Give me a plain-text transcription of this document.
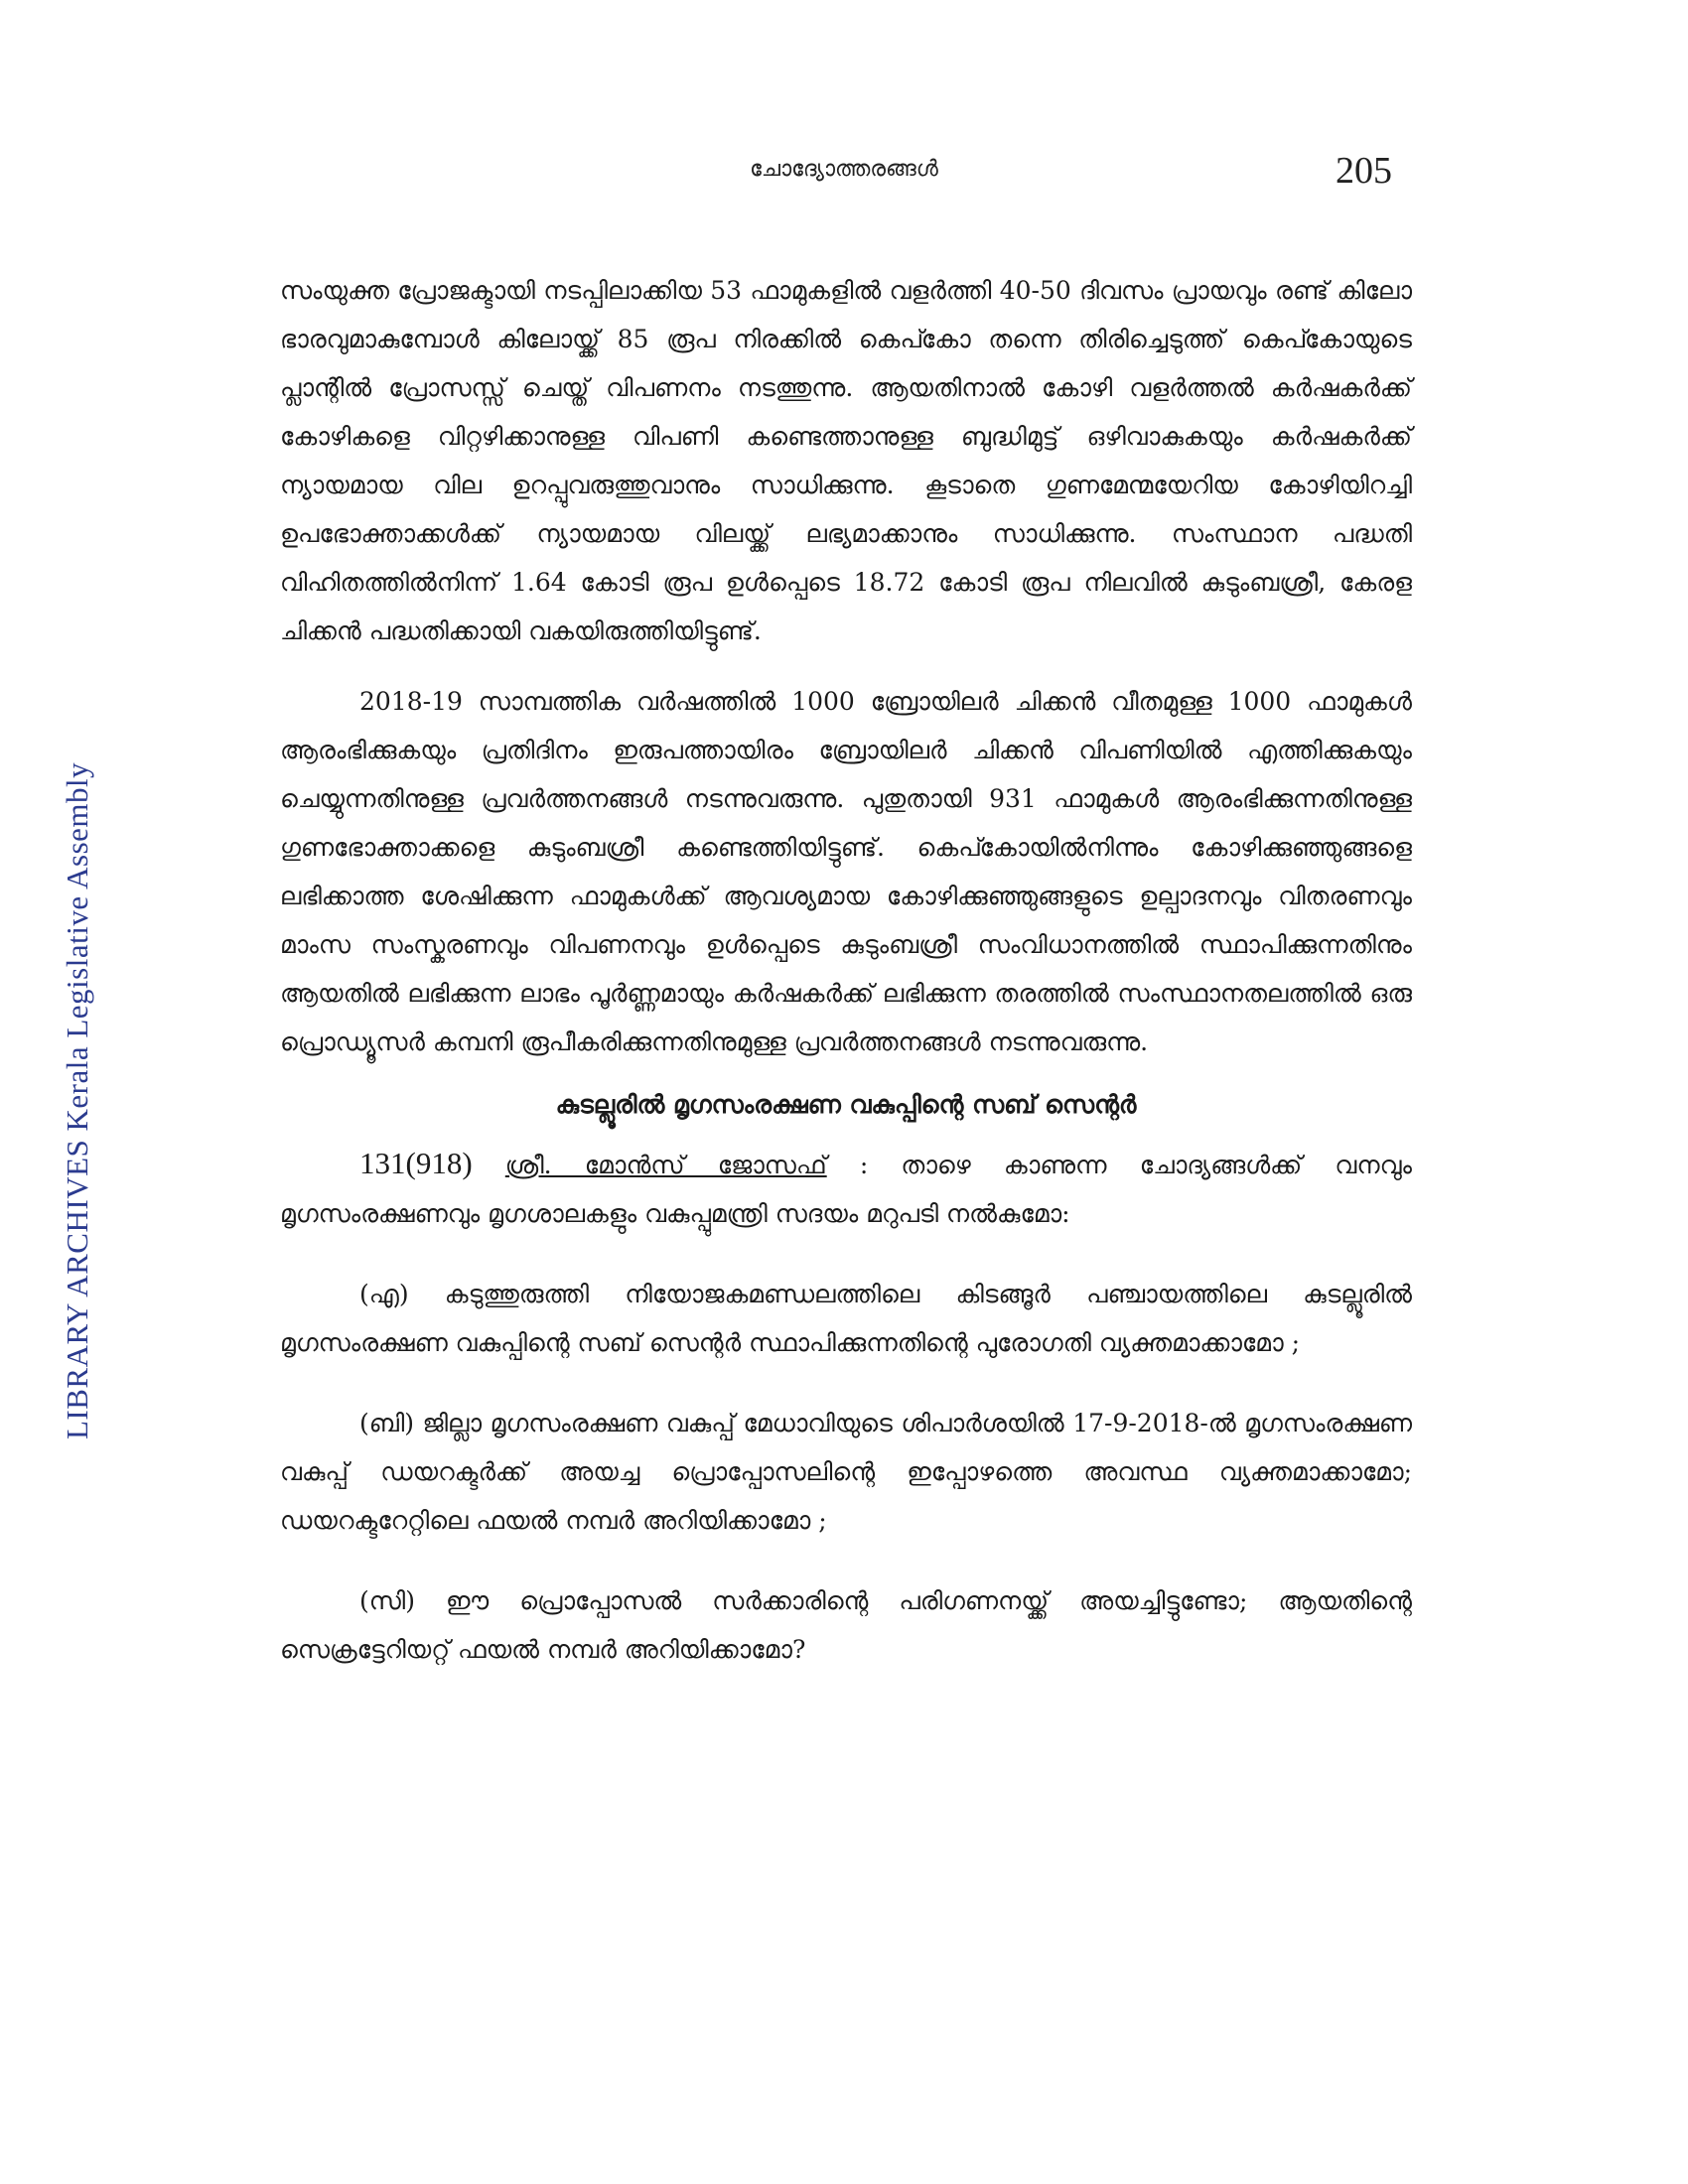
LIBRARY ARCHIVES Kerala Legislative Assembly
ചോദ്യോത്തരങ്ങൾ	205

സംയുക്ത പ്രോജക്ടായി നടപ്പിലാക്കിയ 53 ഫാമുകളിൽ വളർത്തി 40-50 ദിവസം പ്രായവും രണ്ട് കിലോ ഭാരവുമാകുമ്പോൾ കിലോയ്ക്ക് 85 രൂപ നിരക്കിൽ കെപ്കോ തന്നെ തിരിച്ചെടുത്ത് കെപ്കോയുടെ പ്ലാന്റിൽ പ്രോസസ്സ് ചെയ്ത് വിപണനം നടത്തുന്നു. ആയതിനാൽ കോഴി വളർത്തൽ കർഷകർക്ക് കോഴികളെ വിറ്റഴിക്കാനുള്ള വിപണി കണ്ടെത്താനുള്ള ബുദ്ധിമുട്ട് ഒഴിവാകുകയും കർഷകർക്ക് ന്യായമായ വില ഉറപ്പുവരുത്തുവാനും സാധിക്കുന്നു. കൂടാതെ ഗുണമേന്മയേറിയ കോഴിയിറച്ചി ഉപഭോക്താക്കൾക്ക് ന്യായമായ വിലയ്ക്ക് ലഭ്യമാക്കാനും സാധിക്കുന്നു. സംസ്ഥാന പദ്ധതി വിഹിതത്തിൽനിന്ന് 1.64 കോടി രൂപ ഉൾപ്പെടെ 18.72 കോടി രൂപ നിലവിൽ കുടുംബശ്രീ, കേരള ചിക്കൻ പദ്ധതിക്കായി വകയിരുത്തിയിട്ടുണ്ട്.

2018-19 സാമ്പത്തിക വർഷത്തിൽ 1000 ബ്രോയിലർ ചിക്കൻ വീതമുള്ള 1000 ഫാമുകൾ ആരംഭിക്കുകയും പ്രതിദിനം ഇരുപത്തായിരം ബ്രോയിലർ ചിക്കൻ വിപണിയിൽ എത്തിക്കുകയും ചെയ്യുന്നതിനുള്ള പ്രവർത്തനങ്ങൾ നടന്നുവരുന്നു. പുതുതായി 931 ഫാമുകൾ ആരംഭിക്കുന്നതിനുള്ള ഗുണഭോക്താക്കളെ കുടുംബശ്രീ കണ്ടെത്തിയിട്ടുണ്ട്. കെപ്കോയിൽനിന്നും കോഴിക്കുഞ്ഞുങ്ങളെ ലഭിക്കാത്ത ശേഷിക്കുന്ന ഫാമുകൾക്ക് ആവശ്യമായ കോഴിക്കുഞ്ഞുങ്ങളുടെ ഉല്പാദനവും വിതരണവും മാംസ സംസ്കരണവും വിപണനവും ഉൾപ്പെടെ കുടുംബശ്രീ സംവിധാനത്തിൽ സ്ഥാപിക്കുന്നതിനും ആയതിൽ ലഭിക്കുന്ന ലാഭം പൂർണ്ണമായും കർഷകർക്ക് ലഭിക്കുന്ന തരത്തിൽ സംസ്ഥാനതലത്തിൽ ഒരു പ്രൊഡ്യൂസർ കമ്പനി രൂപീകരിക്കുന്നതിനുമുള്ള പ്രവർത്തനങ്ങൾ നടന്നുവരുന്നു.

കുടല്ലൂരിൽ മൃഗസംരക്ഷണ വകുപ്പിന്റെ സബ് സെന്റർ

131(918) ശ്രീ. മോൻസ് ജോസഫ് : താഴെ കാണുന്ന ചോദ്യങ്ങൾക്ക് വനവും മൃഗസംരക്ഷണവും മൃഗശാലകളും വകുപ്പുമന്ത്രി സദയം മറുപടി നൽകുമോ:

(എ) കടുത്തുരുത്തി നിയോജകമണ്ഡലത്തിലെ കിടങ്ങൂർ പഞ്ചായത്തിലെ കുടല്ലൂരിൽ മൃഗസംരക്ഷണ വകുപ്പിന്റെ സബ് സെന്റർ സ്ഥാപിക്കുന്നതിന്റെ പുരോഗതി വ്യക്തമാക്കാമോ ;

(ബി) ജില്ലാ മൃഗസംരക്ഷണ വകുപ്പ് മേധാവിയുടെ ശിപാർശയിൽ 17-9-2018-ൽ മൃഗസംരക്ഷണ വകുപ്പ് ഡയറക്ടർക്ക് അയച്ച പ്രൊപ്പോസലിന്റെ ഇപ്പോഴത്തെ അവസ്ഥ വ്യക്തമാക്കാമോ; ഡയറക്ടറേറ്റിലെ ഫയൽ നമ്പർ അറിയിക്കാമോ ;

(സി) ഈ പ്രൊപ്പോസൽ സർക്കാരിന്റെ പരിഗണനയ്ക്ക് അയച്ചിട്ടുണ്ടോ; ആയതിന്റെ സെക്രട്ടേറിയറ്റ് ഫയൽ നമ്പർ അറിയിക്കാമോ?
